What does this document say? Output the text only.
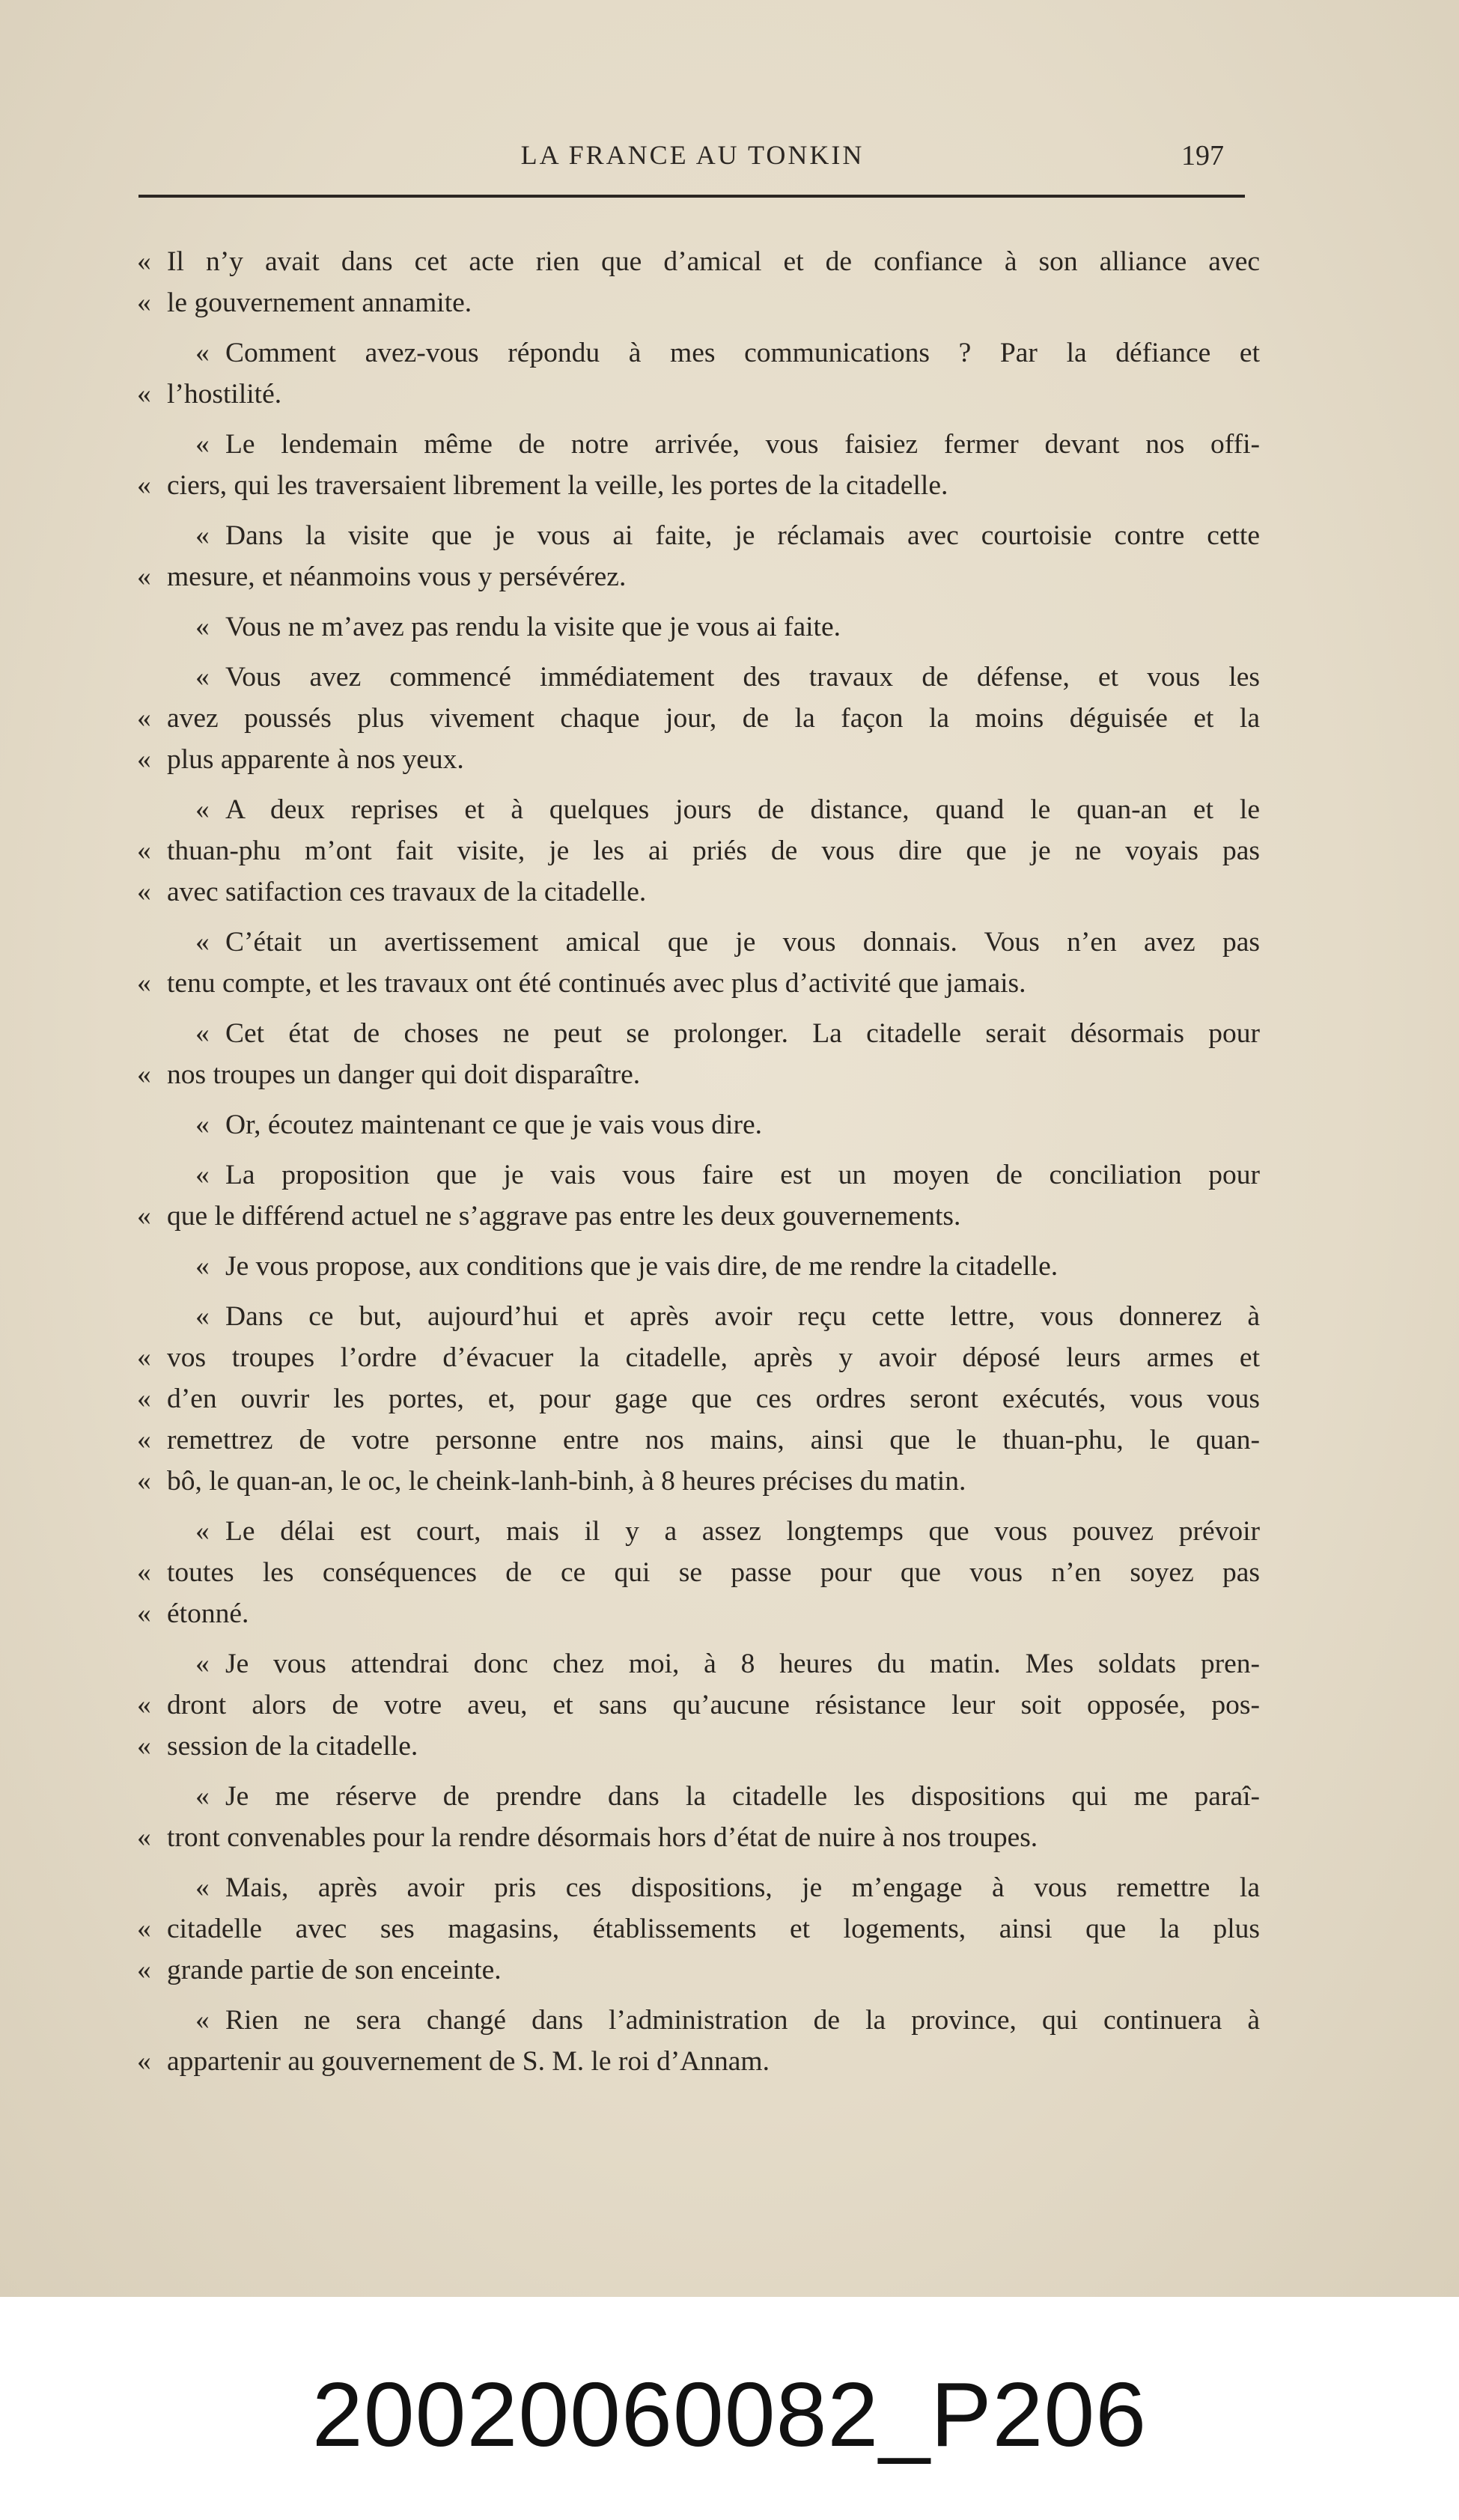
LA FRANCE AU TONKIN	197
« Il n’y avait dans cet acte rien que d’amical et de confiance à son alliance avec
« le gouvernement annamite.
« Comment avez-vous répondu à mes communications ? Par la défiance et
« l’hostilité.
« Le lendemain même de notre arrivée, vous faisiez fermer devant nos offi-
« ciers, qui les traversaient librement la veille, les portes de la citadelle.
« Dans la visite que je vous ai faite, je réclamais avec courtoisie contre cette
« mesure, et néanmoins vous y persévérez.
« Vous ne m’avez pas rendu la visite que je vous ai faite.
« Vous avez commencé immédiatement des travaux de défense, et vous les
« avez poussés plus vivement chaque jour, de la façon la moins déguisée et la
« plus apparente à nos yeux.
« A deux reprises et à quelques jours de distance, quand le quan-an et le
« thuan-phu m’ont fait visite, je les ai priés de vous dire que je ne voyais pas
« avec satifaction ces travaux de la citadelle.
« C’était un avertissement amical que je vous donnais. Vous n’en avez pas
« tenu compte, et les travaux ont été continués avec plus d’activité que jamais.
« Cet état de choses ne peut se prolonger. La citadelle serait désormais pour
« nos troupes un danger qui doit disparaître.
« Or, écoutez maintenant ce que je vais vous dire.
« La proposition que je vais vous faire est un moyen de conciliation pour
« que le différend actuel ne s’aggrave pas entre les deux gouvernements.
« Je vous propose, aux conditions que je vais dire, de me rendre la citadelle.
« Dans ce but, aujourd’hui et après avoir reçu cette lettre, vous donnerez à
« vos troupes l’ordre d’évacuer la citadelle, après y avoir déposé leurs armes et
« d’en ouvrir les portes, et, pour gage que ces ordres seront exécutés, vous vous
« remettrez de votre personne entre nos mains, ainsi que le thuan-phu, le quan-
« bô, le quan-an, le oc, le cheink-lanh-binh, à 8 heures précises du matin.
« Le délai est court, mais il y a assez longtemps que vous pouvez prévoir
« toutes les conséquences de ce qui se passe pour que vous n’en soyez pas
« étonné.
« Je vous attendrai donc chez moi, à 8 heures du matin. Mes soldats pren-
« dront alors de votre aveu, et sans qu’aucune résistance leur soit opposée, pos-
« session de la citadelle.
« Je me réserve de prendre dans la citadelle les dispositions qui me paraî-
« tront convenables pour la rendre désormais hors d’état de nuire à nos troupes.
« Mais, après avoir pris ces dispositions, je m’engage à vous remettre la
« citadelle avec ses magasins, établissements et logements, ainsi que la plus
« grande partie de son enceinte.
« Rien ne sera changé dans l’administration de la province, qui continuera à
« appartenir au gouvernement de S. M. le roi d’Annam.
20020060082_P206
